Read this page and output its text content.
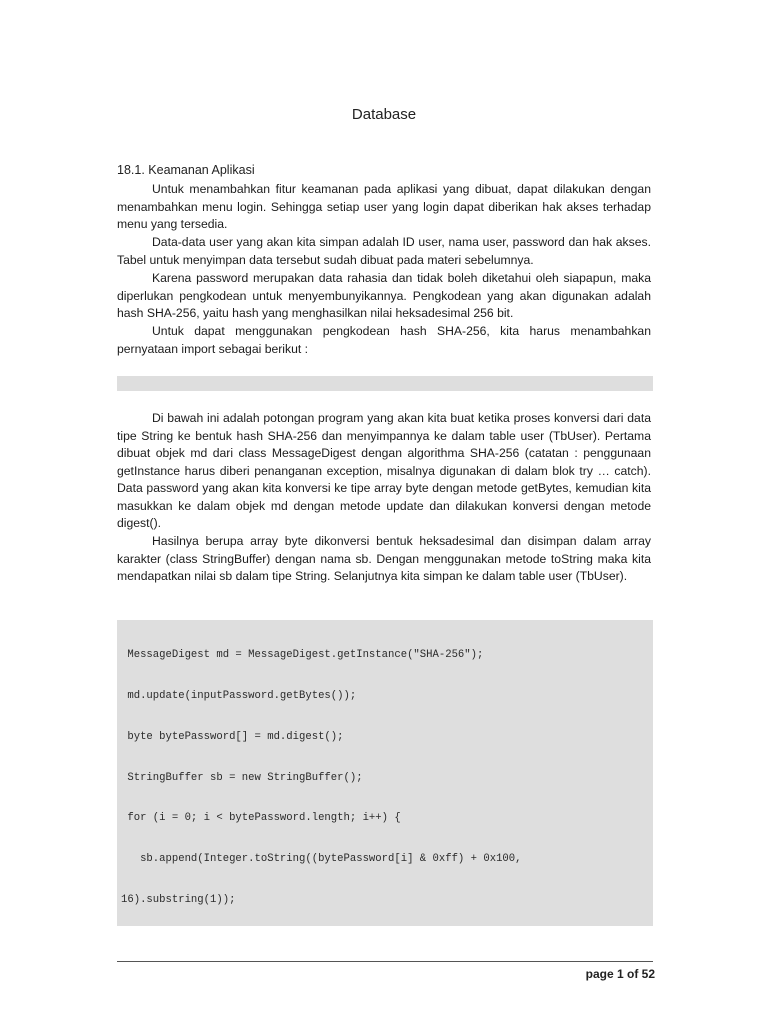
Database
18.1. Keamanan Aplikasi

Untuk menambahkan fitur keamanan pada aplikasi yang dibuat, dapat dilakukan dengan menambahkan menu login. Sehingga setiap user yang login dapat diberikan hak akses terhadap menu yang tersedia.

Data-data user yang akan kita simpan adalah ID user, nama user, password dan hak akses. Tabel untuk menyimpan data tersebut sudah dibuat pada materi sebelumnya.

Karena password merupakan data rahasia dan tidak boleh diketahui oleh siapapun, maka diperlukan pengkodean untuk menyembunyikannya. Pengkodean yang akan digunakan adalah hash SHA-256, yaitu hash yang menghasilkan nilai heksadesimal 256 bit.

Untuk dapat menggunakan pengkodean hash SHA-256, kita harus menambahkan pernyataan import sebagai berikut :

Di bawah ini adalah potongan program yang akan kita buat ketika proses konversi dari data tipe String ke bentuk hash SHA-256 dan menyimpannya ke dalam table user (TbUser). Pertama dibuat objek md dari class MessageDigest dengan algorithma SHA-256 (catatan : penggunaan getInstance harus diberi penanganan exception, misalnya digunakan di dalam blok try … catch). Data password yang akan kita konversi ke tipe array byte dengan metode getBytes, kemudian kita masukkan ke dalam objek md dengan metode update dan dilakukan konversi dengan metode digest().

Hasilnya berupa array byte dikonversi bentuk heksadesimal dan disimpan dalam array karakter (class StringBuffer) dengan nama sb. Dengan menggunakan metode toString maka kita mendapatkan nilai sb dalam tipe String. Selanjutnya kita simpan ke dalam table user (TbUser).

MessageDigest md = MessageDigest.getInstance("SHA-256");

md.update(inputPassword.getBytes());

byte bytePassword[] = md.digest();

StringBuffer sb = new StringBuffer();

for (i = 0; i < bytePassword.length; i++) {

sb.append(Integer.toString((bytePassword[i] & 0xff) + 0x100,

16).substring(1));

page 1 of 52
